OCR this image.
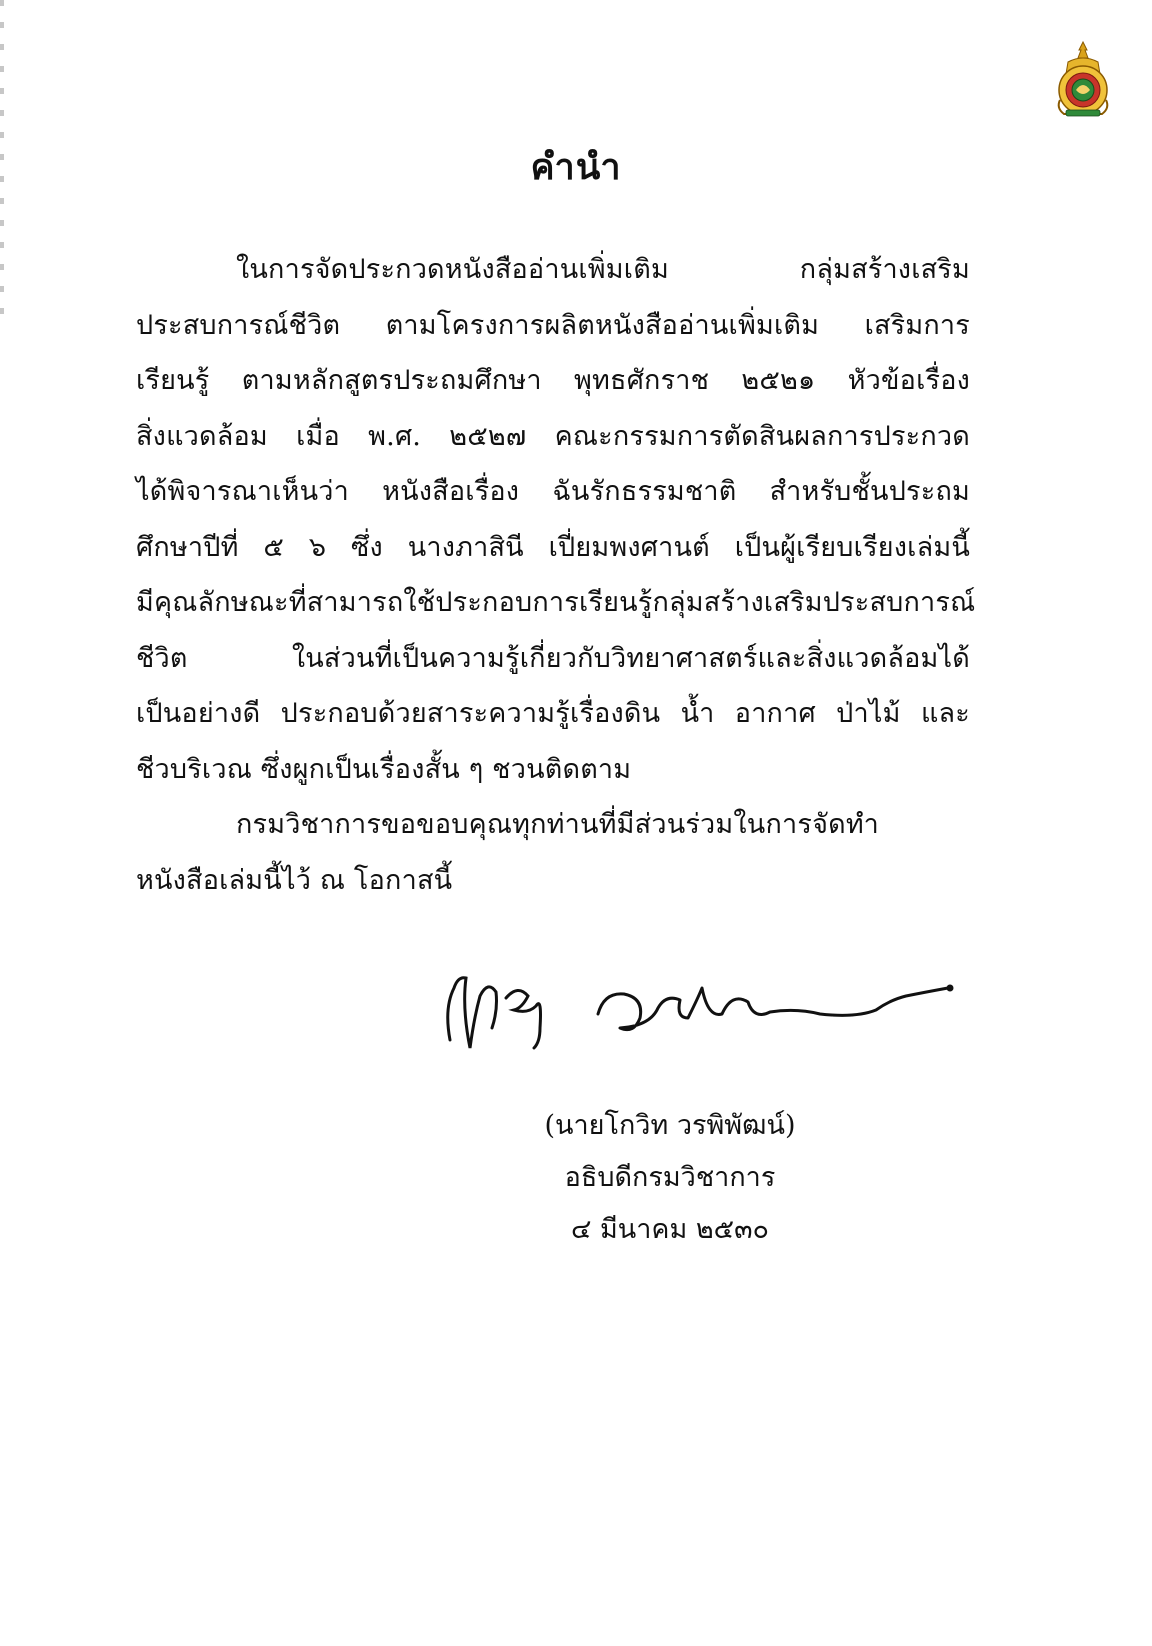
คำนำ
ในการจัดประกวดหนังสืออ่านเพิ่มเติม กลุ่มสร้างเสริม
ประสบการณ์ชีวิต ตามโครงการผลิตหนังสืออ่านเพิ่มเติม เสริมการ
เรียนรู้ ตามหลักสูตรประถมศึกษา พุทธศักราช ๒๕๒๑ หัวข้อเรื่อง
สิ่งแวดล้อม เมื่อ พ.ศ. ๒๕๒๗ คณะกรรมการตัดสินผลการประกวด
ได้พิจารณาเห็นว่า หนังสือเรื่อง ฉันรักธรรมชาติ สำหรับชั้นประถม
ศึกษาปีที่ ๕ ๖ ซึ่ง นางภาสินี เปี่ยมพงศานต์ เป็นผู้เรียบเรียงเล่มนี้
มีคุณลักษณะที่สามารถใช้ประกอบการเรียนรู้กลุ่มสร้างเสริมประสบการณ์
ชีวิต ในส่วนที่เป็นความรู้เกี่ยวกับวิทยาศาสตร์และสิ่งแวดล้อมได้
เป็นอย่างดี ประกอบด้วยสาระความรู้เรื่องดิน น้ำ อากาศ ป่าไม้ และ
ชีวบริเวณ ซึ่งผูกเป็นเรื่องสั้น ๆ ชวนติดตาม
กรมวิชาการขอขอบคุณทุกท่านที่มีส่วนร่วมในการจัดทำ
หนังสือเล่มนี้ไว้ ณ โอกาสนี้
(นายโกวิท วรพิพัฒน์)
อธิบดีกรมวิชาการ
๔ มีนาคม ๒๕๓๐
